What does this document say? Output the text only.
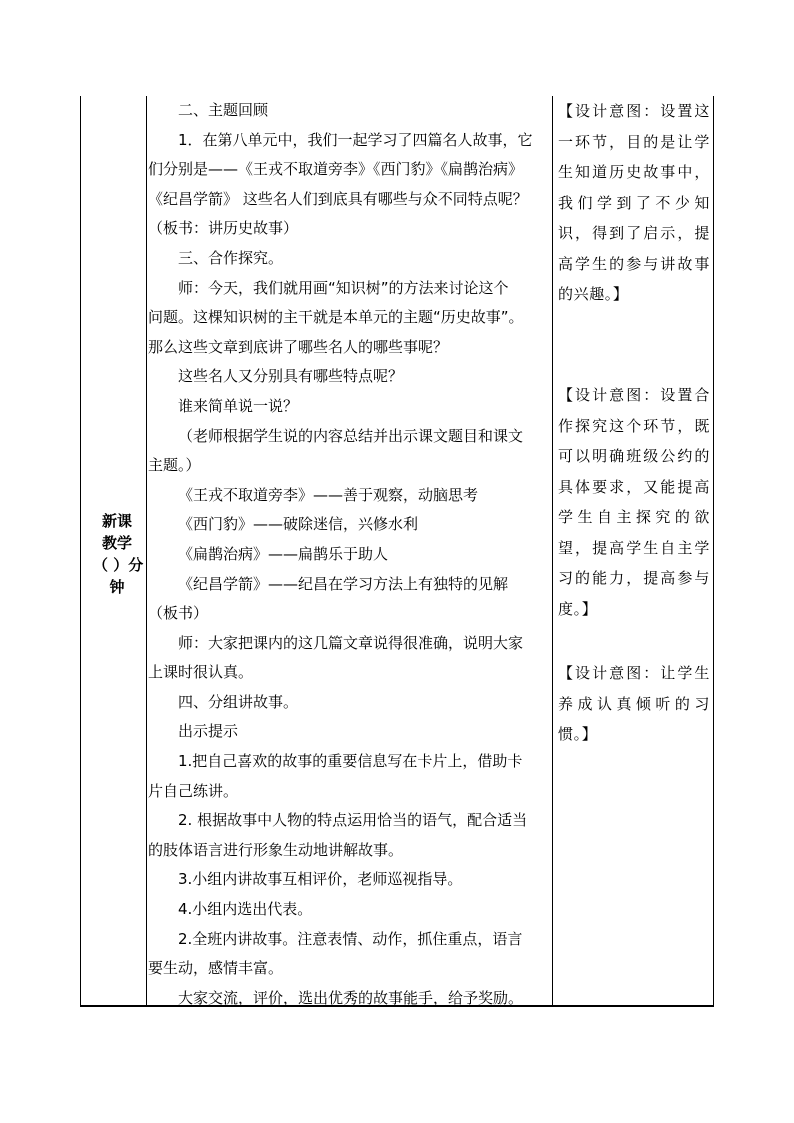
新课
教学
（ ）分
钟
二、主题回顾
1．在第八单元中，我们一起学习了四篇名人故事，它
们分别是——《王戎不取道旁李》《西门豹》《扁鹊治病》
《纪昌学箭》 这些名人们到底具有哪些与众不同特点呢？
（板书：讲历史故事）
三、合作探究。
师：今天，我们就用画“知识树”的方法来讨论这个
问题。这棵知识树的主干就是本单元的主题“历史故事”。
那么这些文章到底讲了哪些名人的哪些事呢？
这些名人又分别具有哪些特点呢？
谁来简单说一说？
（老师根据学生说的内容总结并出示课文题目和课文
主题。）
《王戎不取道旁李》——善于观察，动脑思考
《西门豹》——破除迷信，兴修水利
《扁鹊治病》——扁鹊乐于助人
《纪昌学箭》——纪昌在学习方法上有独特的见解
（板书）
师：大家把课内的这几篇文章说得很准确，说明大家
上课时很认真。
四、分组讲故事。
出示提示
1.把自己喜欢的故事的重要信息写在卡片上，借助卡
片自己练讲。
2. 根据故事中人物的特点运用恰当的语气，配合适当
的肢体语言进行形象生动地讲解故事。
3.小组内讲故事互相评价，老师巡视指导。
4.小组内选出代表。
2.全班内讲故事。注意表情、动作，抓住重点，语言
要生动，感情丰富。
大家交流，评价，选出优秀的故事能手，给予奖励。
【设计意图：设置这一环节，目的是让学生知道历史故事中，我们学到了不少知识，得到了启示，提高学生的参与讲故事的兴趣。】
【设计意图：设置合作探究这个环节，既可以明确班级公约的具体要求，又能提高学生自主探究的欲望，提高学生自主学习的能力，提高参与度。】
【设计意图：让学生养成认真倾听的习惯。】
